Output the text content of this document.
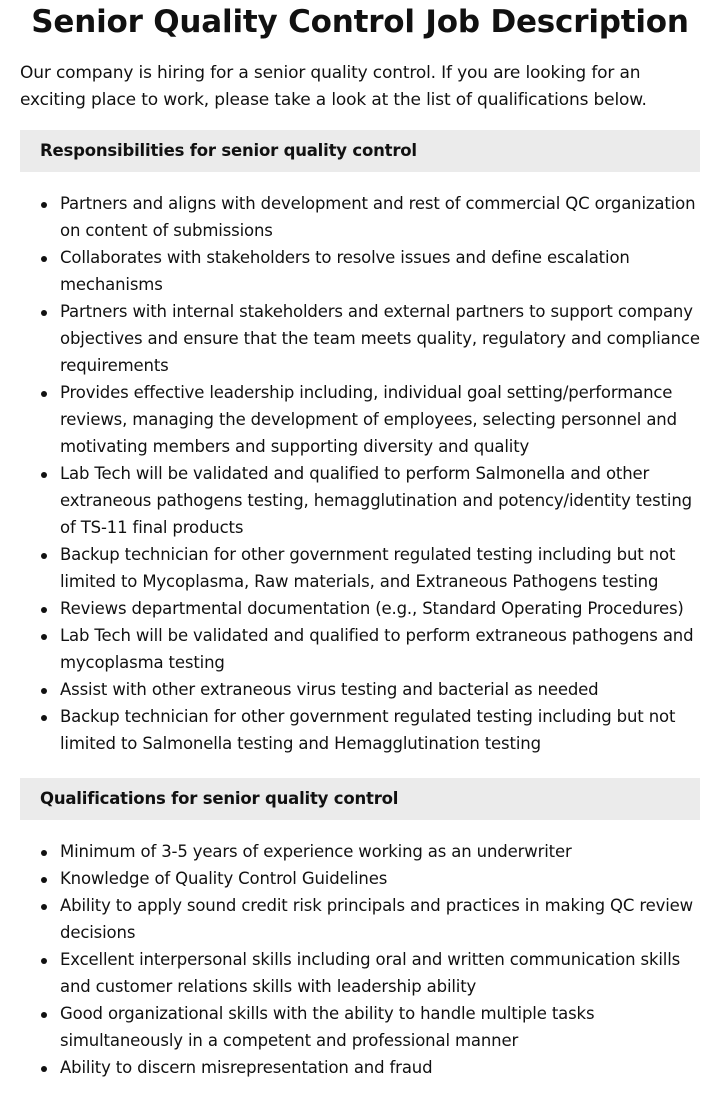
Senior Quality Control Job Description

Our company is hiring for a senior quality control. If you are looking for an exciting place to work, please take a look at the list of qualifications below.

Responsibilities for senior quality control
Partners and aligns with development and rest of commercial QC organization on content of submissions
Collaborates with stakeholders to resolve issues and define escalation mechanisms
Partners with internal stakeholders and external partners to support company objectives and ensure that the team meets quality, regulatory and compliance requirements
Provides effective leadership including, individual goal setting/performance reviews, managing the development of employees, selecting personnel and motivating members and supporting diversity and quality
Lab Tech will be validated and qualified to perform Salmonella and other extraneous pathogens testing, hemagglutination and potency/identity testing of TS-11 final products
Backup technician for other government regulated testing including but not limited to Mycoplasma, Raw materials, and Extraneous Pathogens testing
Reviews departmental documentation (e.g., Standard Operating Procedures)
Lab Tech will be validated and qualified to perform extraneous pathogens and mycoplasma testing
Assist with other extraneous virus testing and bacterial as needed
Backup technician for other government regulated testing including but not limited to Salmonella testing and Hemagglutination testing
Qualifications for senior quality control
Minimum of 3-5 years of experience working as an underwriter
Knowledge of Quality Control Guidelines
Ability to apply sound credit risk principals and practices in making QC review decisions
Excellent interpersonal skills including oral and written communication skills and customer relations skills with leadership ability
Good organizational skills with the ability to handle multiple tasks simultaneously in a competent and professional manner
Ability to discern misrepresentation and fraud
